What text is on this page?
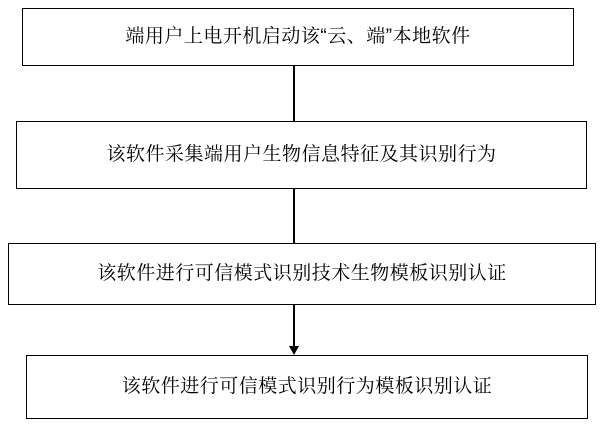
端用户上电开机启动该“云、端”本地软件
该软件采集端用户生物信息特征及其识别行为
该软件进行可信模式识别技术生物模板识别认证
该软件进行可信模式识别行为模板识别认证
